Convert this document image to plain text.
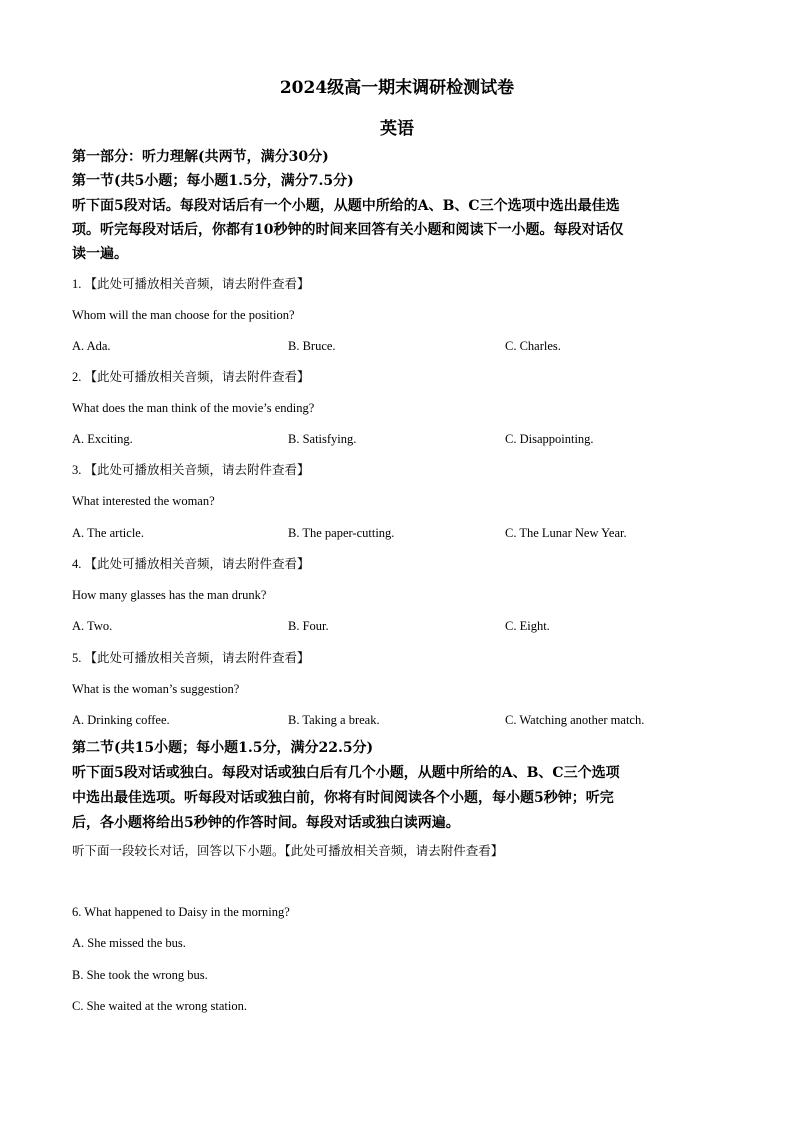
2024级高一期末调研检测试卷
英语
第一部分：听力理解(共两节，满分30分)
第一节(共5小题；每小题1.5分，满分7.5分)
听下面5段对话。每段对话后有一个小题，从题中所给的A、B、C三个选项中选出最佳选
项。听完每段对话后，你都有10秒钟的时间来回答有关小题和阅读下一小题。每段对话仅
读一遍。
1. 【此处可播放相关音频，请去附件查看】
Whom will the man choose for the position?
A. Ada.	B. Bruce.	C. Charles.
2. 【此处可播放相关音频，请去附件查看】
What does the man think of the movie’s ending?
A. Exciting.	B. Satisfying.	C. Disappointing.
3. 【此处可播放相关音频，请去附件查看】
What interested the woman?
A. The article.	B. The paper-cutting.	C. The Lunar New Year.
4. 【此处可播放相关音频，请去附件查看】
How many glasses has the man drunk?
A. Two.	B. Four.	C. Eight.
5. 【此处可播放相关音频，请去附件查看】
What is the woman’s suggestion?
A. Drinking coffee.	B. Taking a break.	C. Watching another match.
第二节(共15小题；每小题1.5分，满分22.5分)
听下面5段对话或独白。每段对话或独白后有几个小题，从题中所给的A、B、C三个选项
中选出最佳选项。听每段对话或独白前，你将有时间阅读各个小题，每小题5秒钟；听完
后，各小题将给出5秒钟的作答时间。每段对话或独白读两遍。
听下面一段较长对话，回答以下小题。【此处可播放相关音频，请去附件查看】
6. What happened to Daisy in the morning?
A. She missed the bus.
B. She took the wrong bus.
C. She waited at the wrong station.
